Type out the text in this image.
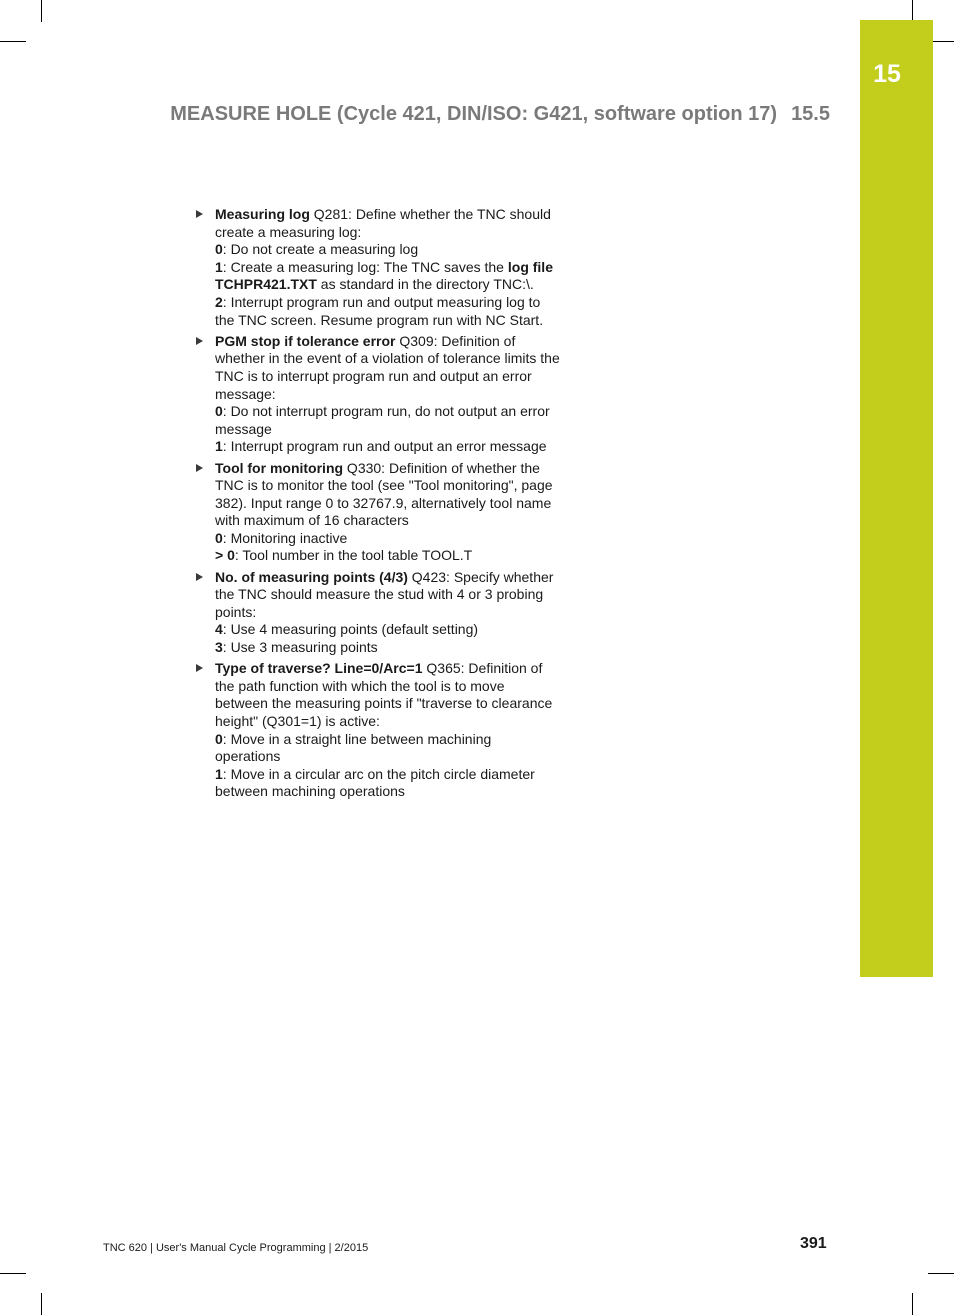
15
MEASURE HOLE (Cycle 421, DIN/ISO: G421, software option 17) 15.5
Measuring log Q281: Define whether the TNC should create a measuring log:
0: Do not create a measuring log
1: Create a measuring log: The TNC saves the log file TCHPR421.TXT as standard in the directory TNC:\.
2: Interrupt program run and output measuring log to the TNC screen. Resume program run with NC Start.
PGM stop if tolerance error Q309: Definition of whether in the event of a violation of tolerance limits the TNC is to interrupt program run and output an error message:
0: Do not interrupt program run, do not output an error message
1: Interrupt program run and output an error message
Tool for monitoring Q330: Definition of whether the TNC is to monitor the tool (see "Tool monitoring", page 382). Input range 0 to 32767.9, alternatively tool name with maximum of 16 characters
0: Monitoring inactive
> 0: Tool number in the tool table TOOL.T
No. of measuring points (4/3) Q423: Specify whether the TNC should measure the stud with 4 or 3 probing points:
4: Use 4 measuring points (default setting)
3: Use 3 measuring points
Type of traverse? Line=0/Arc=1 Q365: Definition of the path function with which the tool is to move between the measuring points if "traverse to clearance height" (Q301=1) is active:
0: Move in a straight line between machining operations
1: Move in a circular arc on the pitch circle diameter between machining operations
TNC 620 | User's Manual Cycle Programming | 2/2015	391
